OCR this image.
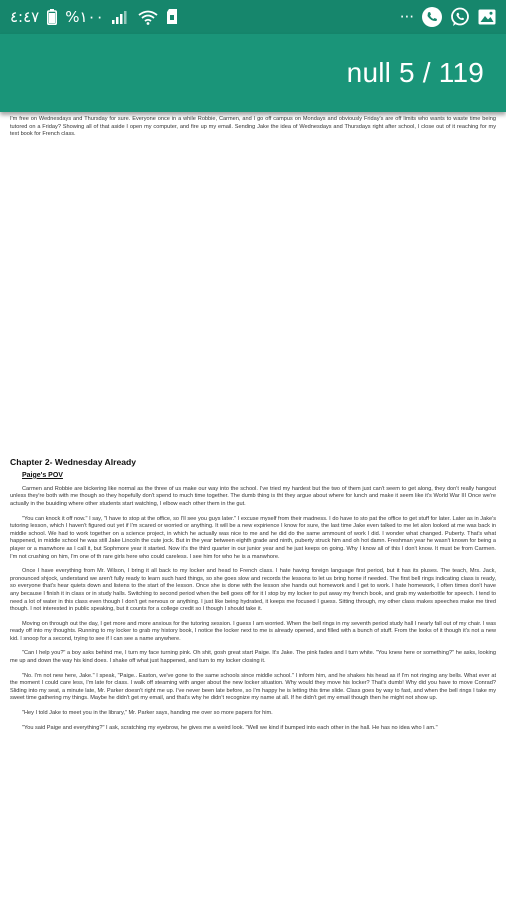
٤:٤٧ %١٠٠	···
null 5 / 119

I'm free on Wednesdays and Thursday for sure. Everyone once in a while Robbie, Carmen, and I go off campus on Mondays and obviously Friday's are off limits who wants to waste time being tutored on a Friday? Showing all of that aside I open my computer, and fire up my email. Sending Jake the idea of Wednesdays and Thursdays right after school, I close out of it reaching for my text book for French class.

Chapter 2- Wednesday Already
Paige's POV

Carmen and Robbie are bickering like normal as the three of us make our way into the school. I've tried my hardest but the two of them just can't seem to get along, they don't really hangout unless they're both with me though so they hopefully don't spend to much time together. The dumb thing is tht they argue about where for lunch and make it seem like it's World War III Once we're actually in the buuiding where other students start watching, I elbow each other them in the gut.

"You can knock it off now." I say, "I have to stop at the office, so I'll see you guys later." I excuse myself from their madness. I do have to sto pat the office to get stuff for later. Later as in Jake's tutoring lesson, which I haven't figured out yet if I'm scared or worried or anything. It will be a new expirience I know for sure, the last time Jake even talked to me let alon looked at me was back in middle school. We had to work together on a science project, in which he actually was nice to me and he did do the same ammount of work I did. I wonder what changed. Puberty. That's what happened, in middle school he was still Jake Lincoln the cute jock. But in the year between eighth grade and ninth, puberty struck him and oh hot damn. Freshman year he wasn't known for being a player or a manwhore as I call it, but Sophmore year it started. Now it's the third quarter in our junior year and he just keeps on going. Why I know all of this I don't know. It must be from Carmen. I'm not crushing on him, I'm one of th rare girls here who could careless. I see him for who he is a manwhore.

Once I have everything from Mr. Wilson, I bring it all back to my locker and head to French class. I hate having foreign language first period, but it has its pluses. The teach, Mrs. Jack, pronounced shjock, understand we aren't fully ready to learn such hard things, so she goes slow and records the lessons to let us bring home if needed. The first bell rings indicating class is ready, so everyone that's hear quiets down and listens to the start of the lesson. Once she is done with the lesson she hands out homework and I get to work. I hate homework, I often times don't have any because I finish it in class or in study halls. Switching to second period when the bell goes off for it I stop by my locker to put away my french book, and grab my waterbottle for speech. I tend to need a lot of water in this class even though I don't get nervous or anything. I just like being hydrated, it keeps me focused I guess. Sitting through, my other class makes speeches make me tired though. I not interested in public speaking, but it counts for a college credit so I though I should take it.

Moving on through out the day, I get more and more anxious for the tutoring session. I guess I am worried. When the bell rings in my seventh period study hall I nearly fall out of my chair. I was ready off into my thoughts. Running to my locker to grab my history book, I notice the locker next to me is already opened, and filled with a bunch of stuff. From the looks of it though it's not a new kid. I snoop for a second, trying to see if I can see a name anywhere.

"Can I help you?" a boy asks behind me, I turn my face turning pink. Oh shit, gosh great start Paige. It's Jake. The pink fades and I turn white. "You knew here or something?" he asks, looking me up and down the way his kind does. I shake off what just happened, and turn to my locker closing it.

"No. I'm not new here, Jake." I speak, "Paige.. Easton, we've gone to the same schools since middle school." I inform him, and he shakes his head as if I'm not ringing any bells. What ever at the moment I could care less, I'm late for class. I walk off steaming with anger about the new locker situation. Why would they move his locker? That's dumb! Why did you have to move Conrad? Sliding into my seat, a minute late, Mr. Parker doesn't right me up. I've never been late before, so I'm happy he is letting this time slide. Class goes by way to fast, and when the bell rings I take my sweet time gathering my things. Maybe he didn't get my email, and that's why he didn't recognize my name at all. If he didn't get my email though then he might not show up.

"Hey I told Jake to meet you in the library," Mr. Parker says, handing me over so more papers for him.

"You said Paige and everything?" I ask, scratching my eyebrow, he gives me a weird look. "Well we kind if bumped into each other in the hall. He has no idea who I am."
